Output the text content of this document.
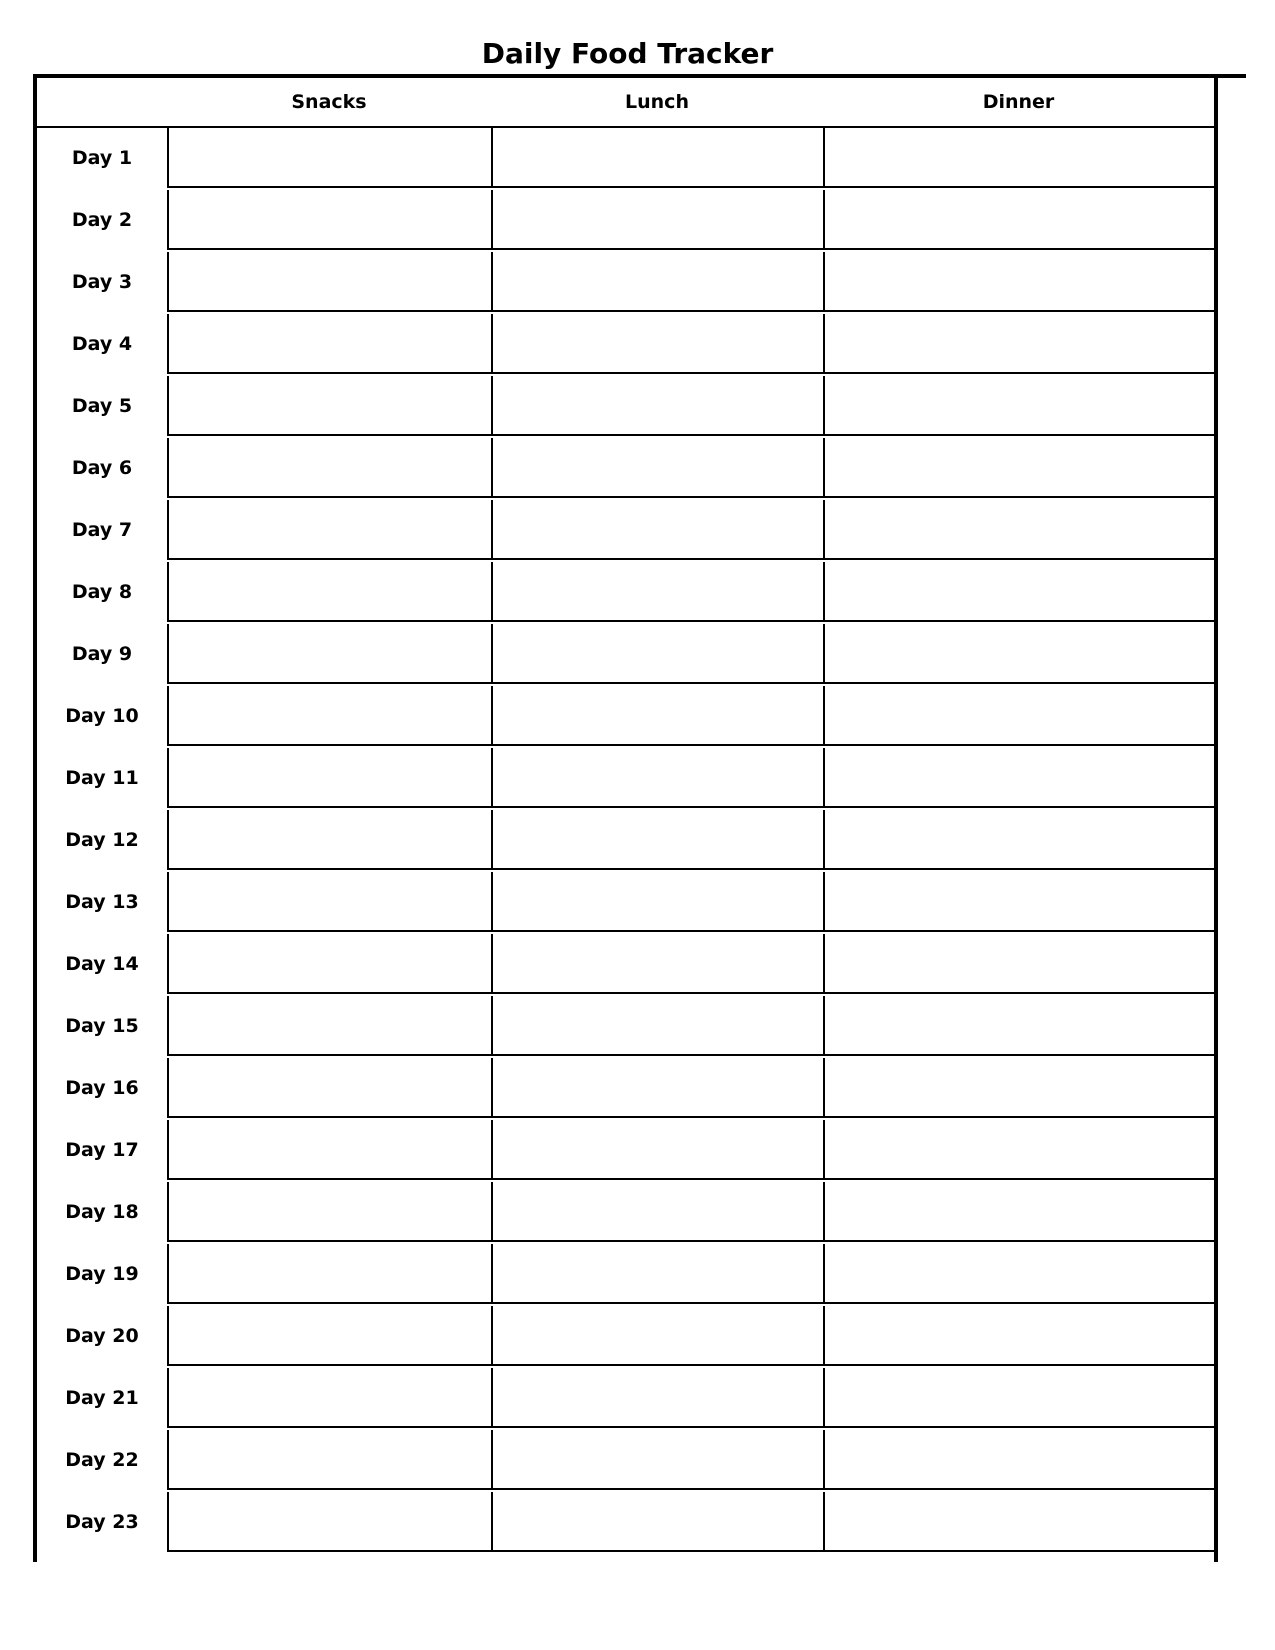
Daily Food Tracker
Snacks	Lunch	Dinner
Day 1
Day 2
Day 3
Day 4
Day 5
Day 6
Day 7
Day 8
Day 9
Day 10
Day 11
Day 12
Day 13
Day 14
Day 15
Day 16
Day 17
Day 18
Day 19
Day 20
Day 21
Day 22
Day 23
